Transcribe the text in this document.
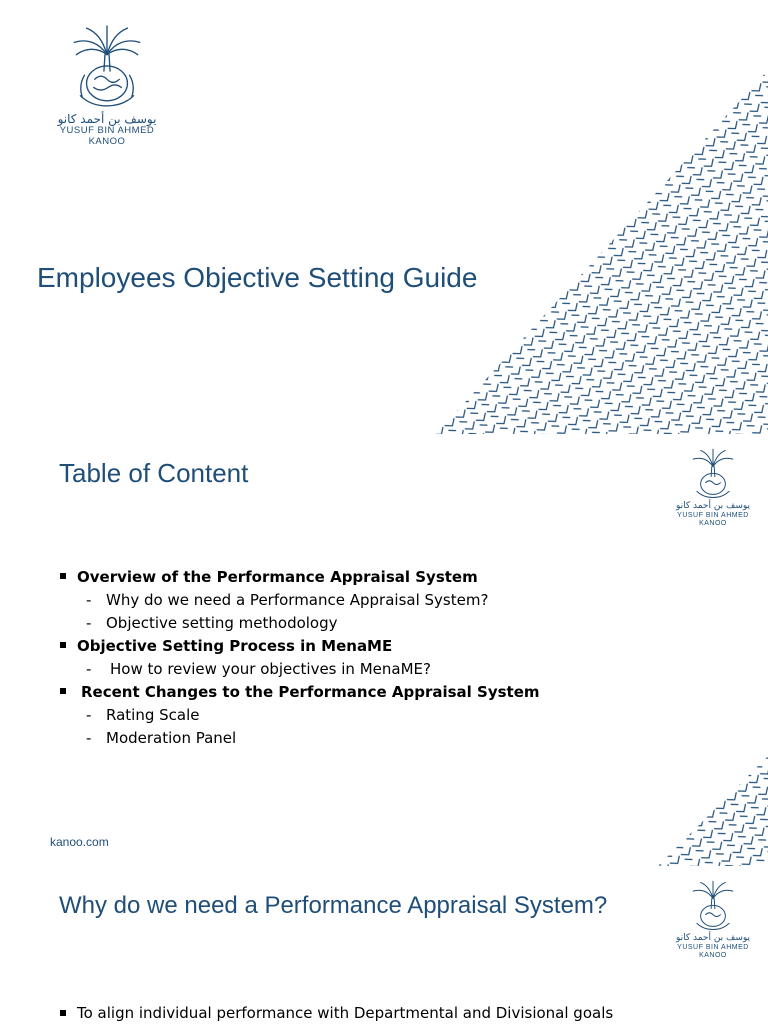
يوسف بن أحمد كانو
YUSUF BIN AHMED KANOO
Employees Objective Setting Guide
Table of Content
يوسف بن أحمد كانو
YUSUF BIN AHMED KANOO
Overview of the Performance Appraisal System
- Why do we need a Performance Appraisal System?
- Objective setting methodology
Objective Setting Process in MenaME
- How to review your objectives in MenaME?
Recent Changes to the Performance Appraisal System
- Rating Scale
- Moderation Panel
kanoo.com
Why do we need a Performance Appraisal System?
يوسف بن أحمد كانو
YUSUF BIN AHMED KANOO
To align individual performance with Departmental and Divisional goals
